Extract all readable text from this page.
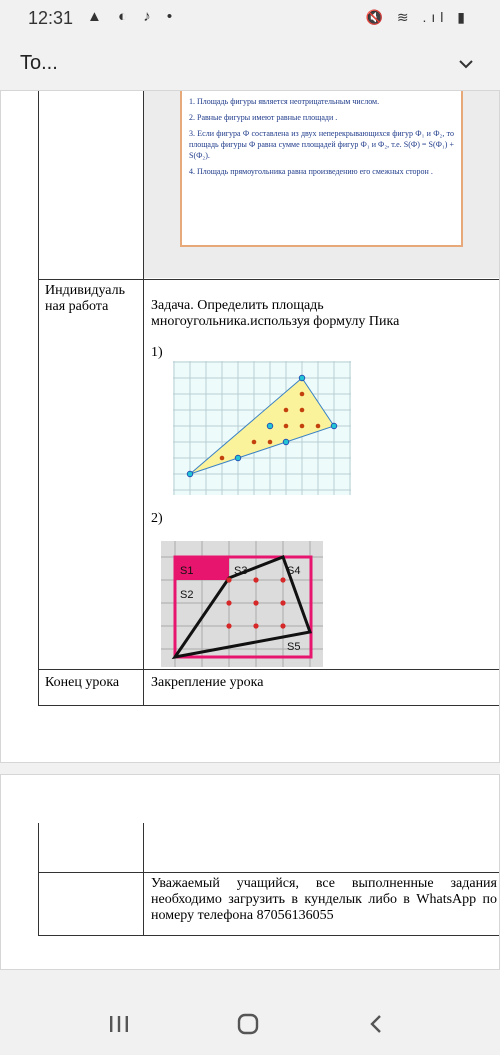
12:31 ▲ ◐ ♪ •	🔇 ≋ .ıl ▮
To...

1. Площадь фигуры является неотрицательным числом.

2. Равные фигуры имеют равные площади .

3. Если фигура Ф составлена из двух неперекрывающихся фигур Ф₁ и Ф₂, то площадь фигуры Ф равна сумме площадей фигур Ф₁ и Ф₂, т.е. S(Ф) = S(Ф₁) + S(Ф₂).

4. Площадь прямоугольника равна произведению его смежных сторон .

Индивидуаль ная работа	Задача. Определить площадь многоугольника.используя формулу Пика
1)
2)
S1
S2
S3	S4
S5
Конец урока	Закрепление урока
Уважаемый учащийся, все выполненные задания необходимо загрузить в кунделык либо в WhatsApp по номеру телефона 87056136055
